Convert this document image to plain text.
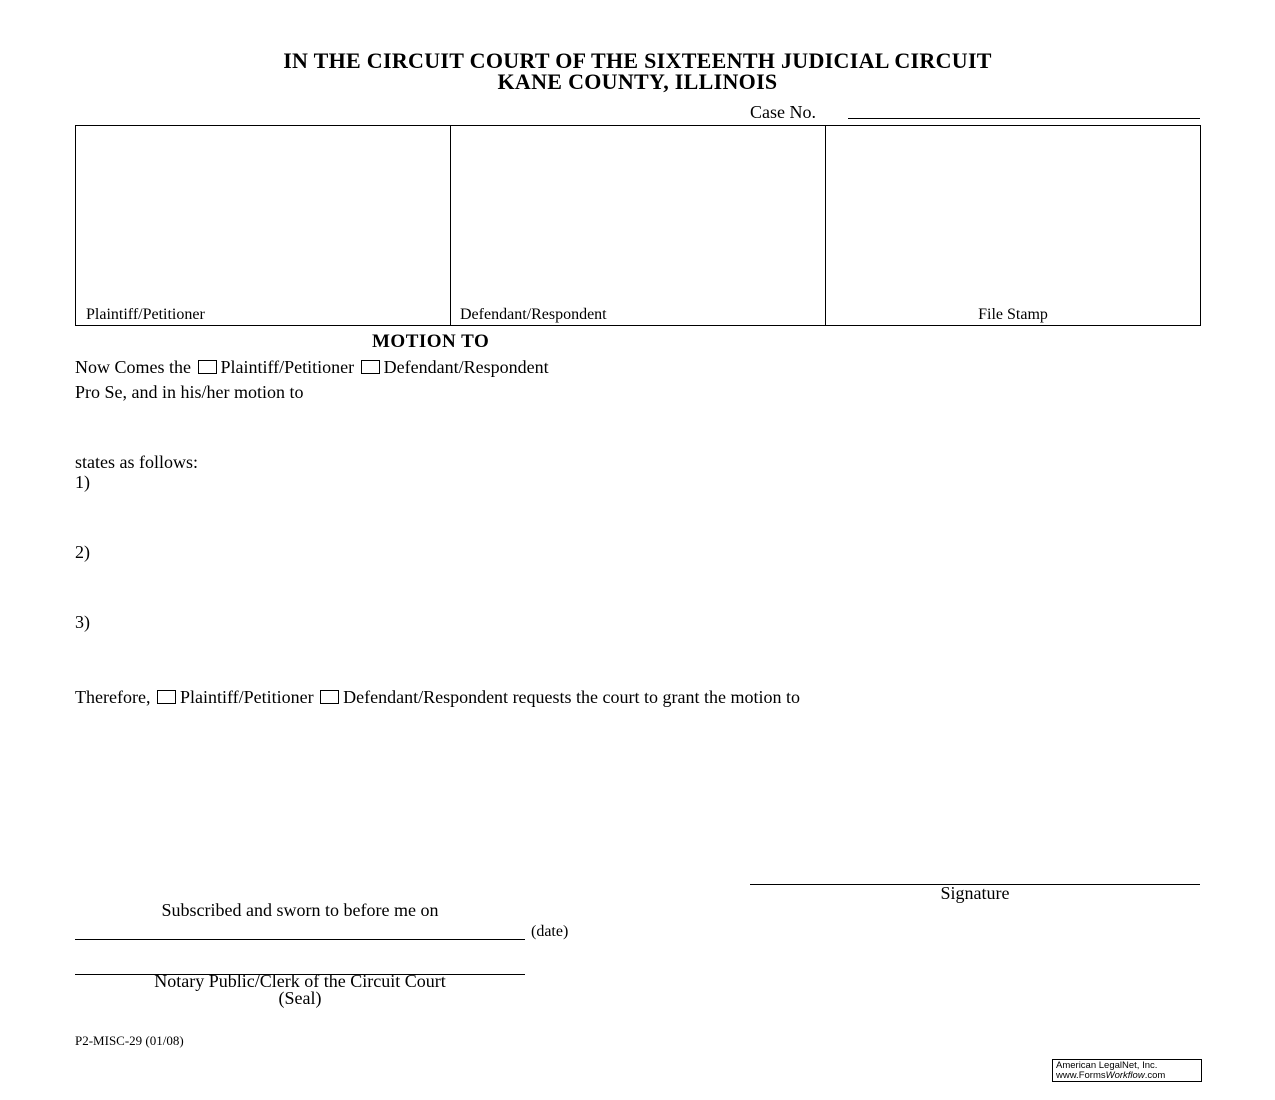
IN THE CIRCUIT COURT OF THE SIXTEENTH JUDICIAL CIRCUIT
KANE COUNTY, ILLINOIS
Case No.
Plaintiff/Petitioner	Defendant/Respondent	File Stamp
MOTION TO
Now Comes the Plaintiff/Petitioner Defendant/Respondent
Pro Se, and in his/her motion to
states as follows:
1)
2)
3)
Therefore, Plaintiff/Petitioner Defendant/Respondent requests the court to grant the motion to
Signature
Subscribed and sworn to before me on
(date)
Notary Public/Clerk of the Circuit Court
(Seal)
P2-MISC-29 (01/08)
American LegalNet, Inc.
www.FormsWorkflow.com
